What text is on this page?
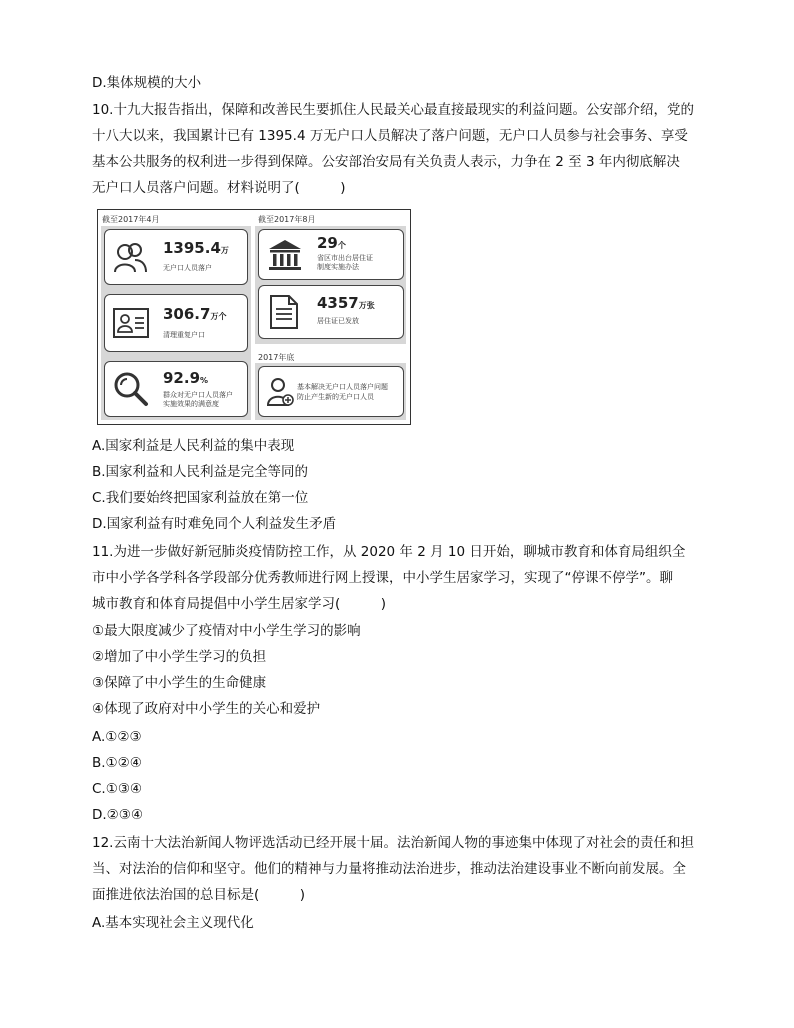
D.集体规模的大小
10.十九大报告指出，保障和改善民生要抓住人民最关心最直接最现实的利益问题。公安部介绍，党的
十八大以来，我国累计已有 1395.4 万无户口人员解决了落户问题，无户口人员参与社会事务、享受
基本公共服务的权利进一步得到保障。公安部治安局有关负责人表示，力争在 2 至 3 年内彻底解决
无户口人员落户问题。材料说明了(　　　)
截至2017年4月	截至2017年8月
2017年底
1395.4万
无户口人员落户
306.7万个
清理重复户口
92.9%
群众对无户口人员落户
实施效果的满意度
29个
省区市出台居住证
制度实施办法
4357万张
居住证已发放
基本解决无户口人员落户问题
防止产生新的无户口人员
A.国家利益是人民利益的集中表现
B.国家利益和人民利益是完全等同的
C.我们要始终把国家利益放在第一位
D.国家利益有时难免同个人利益发生矛盾
11.为进一步做好新冠肺炎疫情防控工作，从 2020 年 2 月 10 日开始，聊城市教育和体育局组织全
市中小学各学科各学段部分优秀教师进行网上授课，中小学生居家学习，实现了“停课不停学”。聊
城市教育和体育局提倡中小学生居家学习(　　　)
①最大限度减少了疫情对中小学生学习的影响
②增加了中小学生学习的负担
③保障了中小学生的生命健康
④体现了政府对中小学生的关心和爱护
A.①②③
B.①②④
C.①③④
D.②③④
12.云南十大法治新闻人物评选活动已经开展十届。法治新闻人物的事迹集中体现了对社会的责任和担
当、对法治的信仰和坚守。他们的精神与力量将推动法治进步，推动法治建设事业不断向前发展。全
面推进依法治国的总目标是(　　　)
A.基本实现社会主义现代化
